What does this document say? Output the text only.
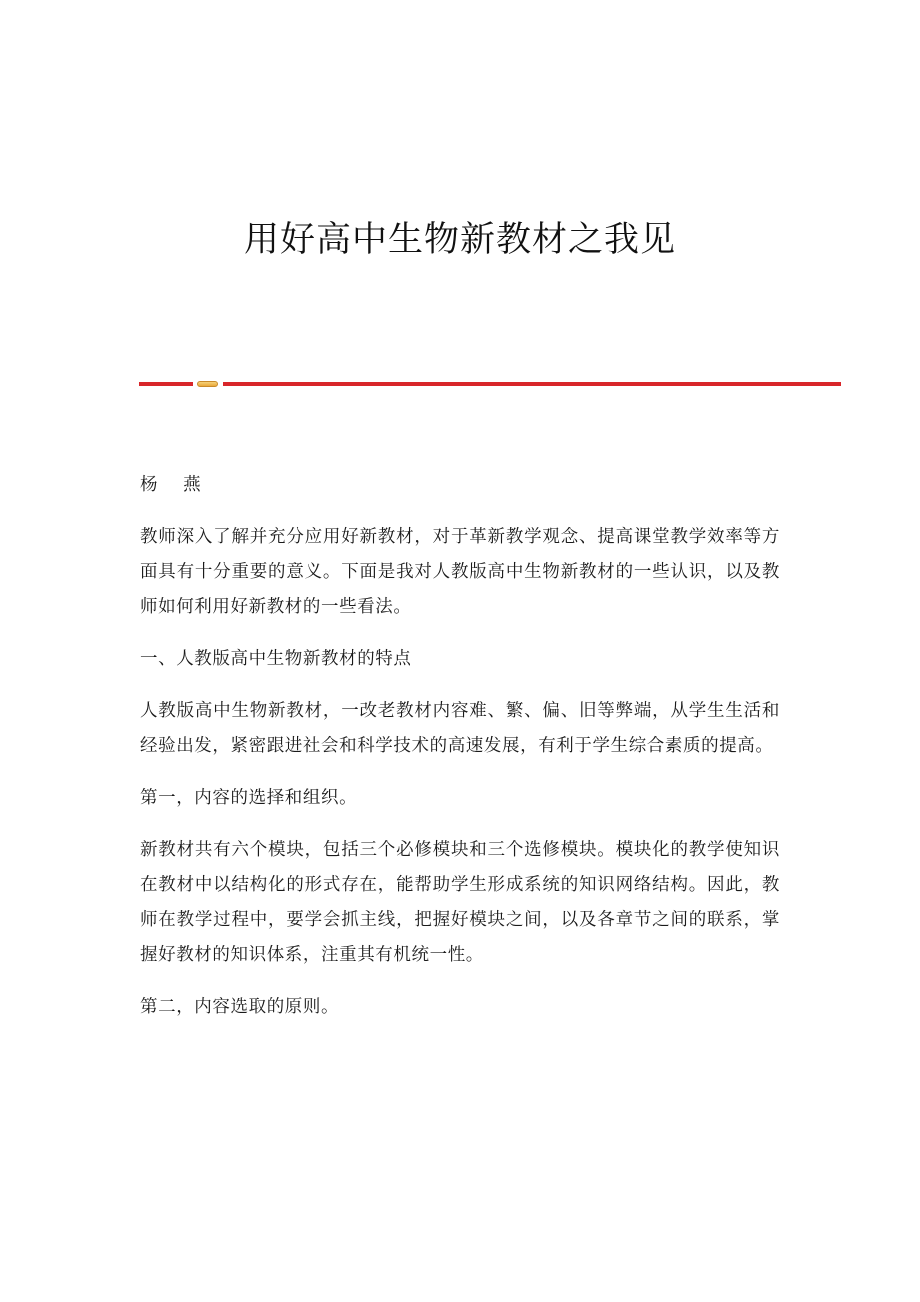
用好高中生物新教材之我见

杨 燕

教师深入了解并充分应用好新教材，对于革新教学观念、提高课堂教学效率等方面具有十分重要的意义。下面是我对人教版高中生物新教材的一些认识，以及教师如何利用好新教材的一些看法。

一、人教版高中生物新教材的特点

人教版高中生物新教材，一改老教材内容难、繁、偏、旧等弊端，从学生生活和经验出发，紧密跟进社会和科学技术的高速发展，有利于学生综合素质的提高。

第一，内容的选择和组织。

新教材共有六个模块，包括三个必修模块和三个选修模块。模块化的教学使知识在教材中以结构化的形式存在，能帮助学生形成系统的知识网络结构。因此，教师在教学过程中，要学会抓主线，把握好模块之间，以及各章节之间的联系，掌握好教材的知识体系，注重其有机统一性。

第二，内容选取的原则。
